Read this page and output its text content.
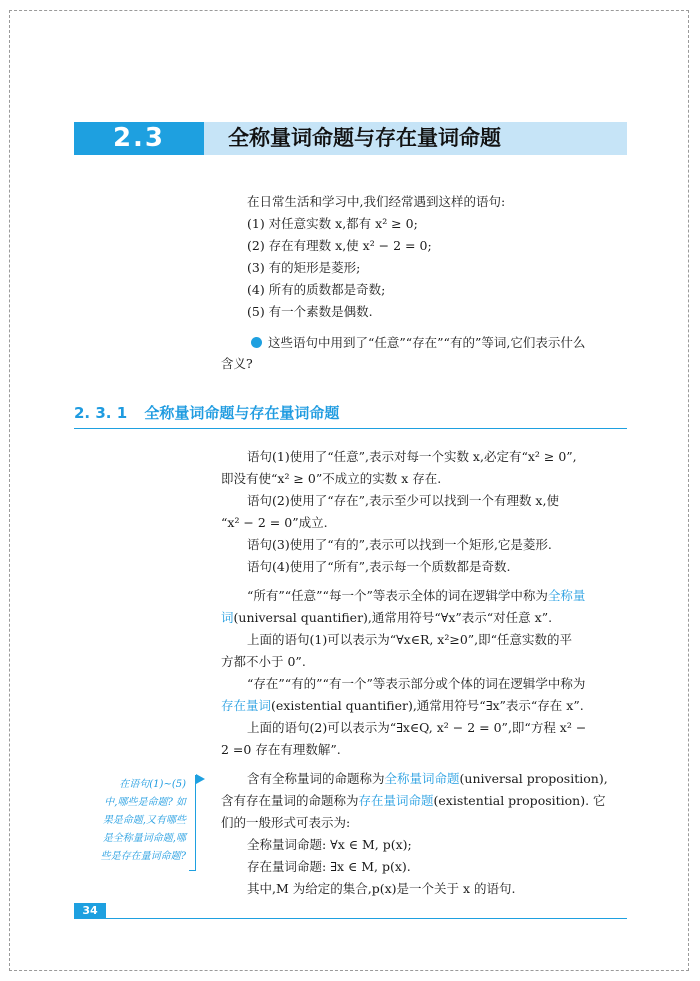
2.3	全称量词命题与存在量词命题
在日常生活和学习中,我们经常遇到这样的语句:
(1) 对任意实数 x,都有 x² ≥ 0;
(2) 存在有理数 x,使 x² − 2 = 0;
(3) 有的矩形是菱形;
(4) 所有的质数都是奇数;
(5) 有一个素数是偶数.
这些语句中用到了“任意”“存在”“有的”等词,它们表示什么
含义?
2. 3. 1 全称量词命题与存在量词命题
语句(1)使用了“任意”,表示对每一个实数 x,必定有“x² ≥ 0”,
即没有使“x² ≥ 0”不成立的实数 x 存在.
语句(2)使用了“存在”,表示至少可以找到一个有理数 x,使
“x² − 2 = 0”成立.
语句(3)使用了“有的”,表示可以找到一个矩形,它是菱形.
语句(4)使用了“所有”,表示每一个质数都是奇数.
“所有”“任意”“每一个”等表示全体的词在逻辑学中称为全称量
词(universal quantifier),通常用符号“∀x”表示“对任意 x”.
上面的语句(1)可以表示为“∀x∈R, x²≥0”,即“任意实数的平
方都不小于 0”.
“存在”“有的”“有一个”等表示部分或个体的词在逻辑学中称为
存在量词(existential quantifier),通常用符号“∃x”表示“存在 x”.
上面的语句(2)可以表示为“∃x∈Q, x² − 2 = 0”,即“方程 x² −
2 =0 存在有理数解”.
含有全称量词的命题称为全称量词命题(universal proposition),
含有存在量词的命题称为存在量词命题(existential proposition). 它
们的一般形式可表示为:
全称量词命题: ∀x ∈ M, p(x);
存在量词命题: ∃x ∈ M, p(x).
其中,M 为给定的集合,p(x)是一个关于 x 的语句.
在语句(1)~(5)
中,哪些是命题? 如
果是命题,又有哪些
是全称量词命题,哪
些是存在量词命题?
34
